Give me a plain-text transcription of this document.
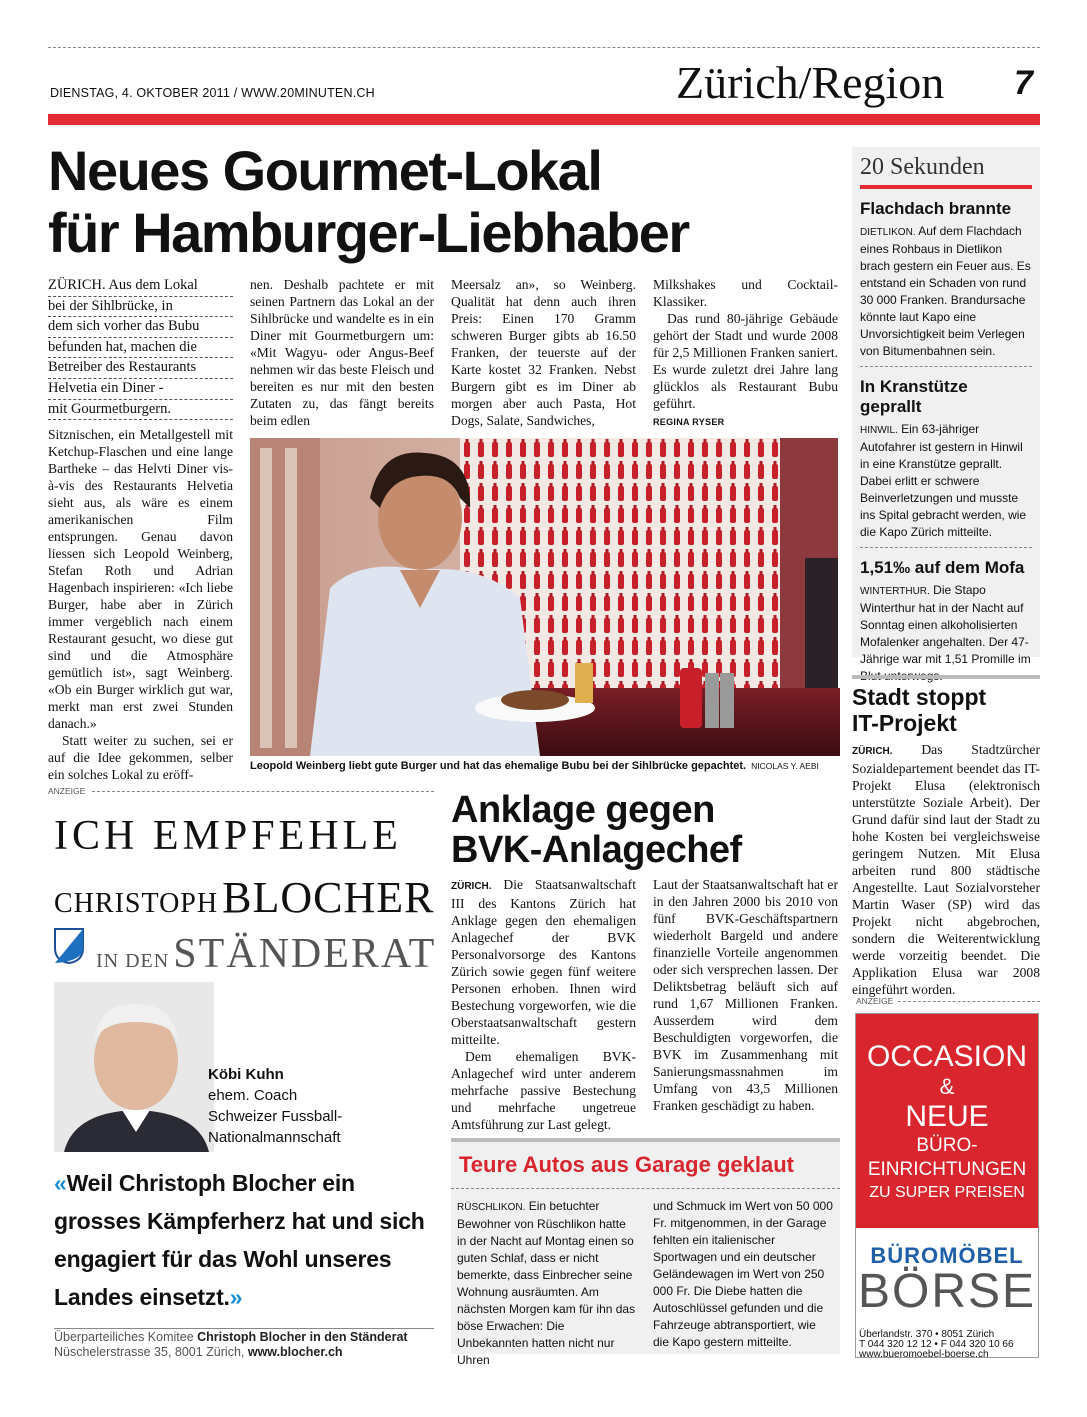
DIENSTAG, 4. OKTOBER 2011 / WWW.20MINUTEN.CH	Zürich/Region 7
Neues Gourmet-Lokal
für Hamburger-Liebhaber
ZÜRICH. Aus dem Lokal
bei der Sihlbrücke, in
dem sich vorher das Bubu
befunden hat, machen die
Betreiber des Restaurants
Helvetia ein Diner -
mit Gourmetburgern.

Sitznischen, ein Metallgestell mit Ketchup-Flaschen und eine lange Bartheke – das Helvti Diner vis-à-vis des Restaurants Helvetia sieht aus, als wäre es einem amerikanischen Film entsprungen. Genau davon liessen sich Leopold Weinberg, Stefan Roth und Adrian Hagenbach inspirieren: «Ich liebe Burger, habe aber in Zürich immer vergeblich nach einem Restaurant gesucht, wo diese gut sind und die Atmosphäre gemütlich ist», sagt Weinberg. «Ob ein Burger wirklich gut war, merkt man erst zwei Stunden danach.»

Statt weiter zu suchen, sei er auf die Idee gekommen, selber ein solches Lokal zu eröff-

nen. Deshalb pachtete er mit seinen Partnern das Lokal an der Sihlbrücke und wandelte es in ein Diner mit Gourmetburgern um: «Mit Wagyu- oder Angus-Beef nehmen wir das beste Fleisch und bereiten es nur mit den besten Zutaten zu, das fängt bereits beim edlen

Meersalz an», so Weinberg. Qualität hat denn auch ihren Preis: Einen 170 Gramm schweren Burger gibts ab 16.50 Franken, der teuerste auf der Karte kostet 32 Franken. Nebst Burgern gibt es im Diner ab morgen aber auch Pasta, Hot Dogs, Salate, Sandwiches,

Milkshakes und Cocktail-Klassiker.

Das rund 80-jährige Gebäude gehört der Stadt und wurde 2008 für 2,5 Millionen Franken saniert. Es wurde zuletzt drei Jahre lang glücklos als Restaurant Bubu geführt.

REGINA RYSER
Leopold Weinberg liebt gute Burger und hat das ehemalige Bubu bei der Sihlbrücke gepachtet. NICOLAS Y. AEBI
20 Sekunden
Flachdach brannte
DIETLIKON. Auf dem Flachdach eines Rohbaus in Dietlikon brach gestern ein Feuer aus. Es entstand ein Schaden von rund 30 000 Franken. Brandursache könnte laut Kapo eine Unvorsichtigkeit beim Verlegen von Bitumenbahnen sein.
In Kranstütze geprallt
HINWIL. Ein 63-jähriger Autofahrer ist gestern in Hinwil in eine Kranstütze geprallt. Dabei erlitt er schwere Beinverletzungen und musste ins Spital gebracht werden, wie die Kapo Zürich mitteilte.
1,51‰ auf dem Mofa
WINTERTHUR. Die Stapo Winterthur hat in der Nacht auf Sonntag einen alkoholisierten Mofalenker angehalten. Der 47-Jährige war mit 1,51 Promille im
Stadt stoppt
IT-Projekt

ZÜRICH. Das Stadtzürcher Sozialdepartement beendet das IT-Projekt Elusa (elektronisch unterstützte Soziale Arbeit). Der Grund dafür sind laut der Stadt zu hohe Kosten bei vergleichsweise geringem Nutzen. Mit Elusa arbeiten rund 800 städtische Angestellte. Laut Sozialvorsteher Martin Waser (SP) wird das Projekt nicht abgebrochen, sondern die Weiterentwicklung werde vorzeitig beendet. Die Applikation Elusa war 2008 eingeführt worden.

ANZEIGE
ANZEIGE
ICH EMPFEHLE
CHRISTOPH BLOCHER
IN DEN STÄNDERAT
Köbi Kuhn
ehem. Coach
Schweizer Fussball-
Nationalmannschaft
«Weil Christoph Blocher ein grosses Kämpferherz hat und sich engagiert für das Wohl unseres Landes einsetzt.»
Überparteiliches Komitee Christoph Blocher in den Ständerat
Nüschelerstrasse 35, 8001 Zürich, www.blocher.ch
Anklage gegen
BVK-Anlagechef

ZÜRICH. Die Staatsanwaltschaft III des Kantons Zürich hat Anklage gegen den ehemaligen Anlagechef der BVK Personalvorsorge des Kantons Zürich sowie gegen fünf weitere Personen erhoben. Ihnen wird Bestechung vorgeworfen, wie die Oberstaatsanwaltschaft gestern mitteilte.

Dem ehemaligen BVK-Anlagechef wird unter anderem mehrfache passive Bestechung und mehrfache ungetreue Amtsführung zur Last gelegt.

Laut der Staatsanwaltschaft hat er in den Jahren 2000 bis 2010 von fünf BVK-Geschäftspartnern wiederholt Bargeld und andere finanzielle Vorteile angenommen oder sich versprechen lassen. Der Deliktsbetrag beläuft sich auf rund 1,67 Millionen Franken. Ausserdem wird dem Beschuldigten vorgeworfen, die BVK im Zusammenhang mit Sanierungsmassnahmen im Umfang von 43,5 Millionen Franken geschädigt zu haben.

Teure Autos aus Garage geklaut
RÜSCHLIKON. Ein betuchter Bewohner von Rüschlikon hatte in der Nacht auf Montag einen so guten Schlaf, dass er nicht bemerkte, dass Einbrecher seine Wohnung ausräumten. Am nächsten Morgen kam für ihn das böse Erwachen: Die Unbekannten hatten nicht nur Uhren
und Schmuck im Wert von 50 000 Fr. mitgenommen, in der Garage fehlten ein italienischer Sportwagen und ein deutscher Geländewagen im Wert von 250 000 Fr. Die Diebe hatten die Autoschlüssel gefunden und die Fahrzeuge abtransportiert, wie die Kapo gestern mitteilte.
OCCASION
&
NEUE
BÜRO-
EINRICHTUNGEN
ZU SUPER PREISEN
BÜROMÖBEL
BÖRSE
Überlandstr. 370 • 8051 Zürich
T 044 320 12 12 • F 044 320 10 66
www.bueromoebel-boerse.ch
